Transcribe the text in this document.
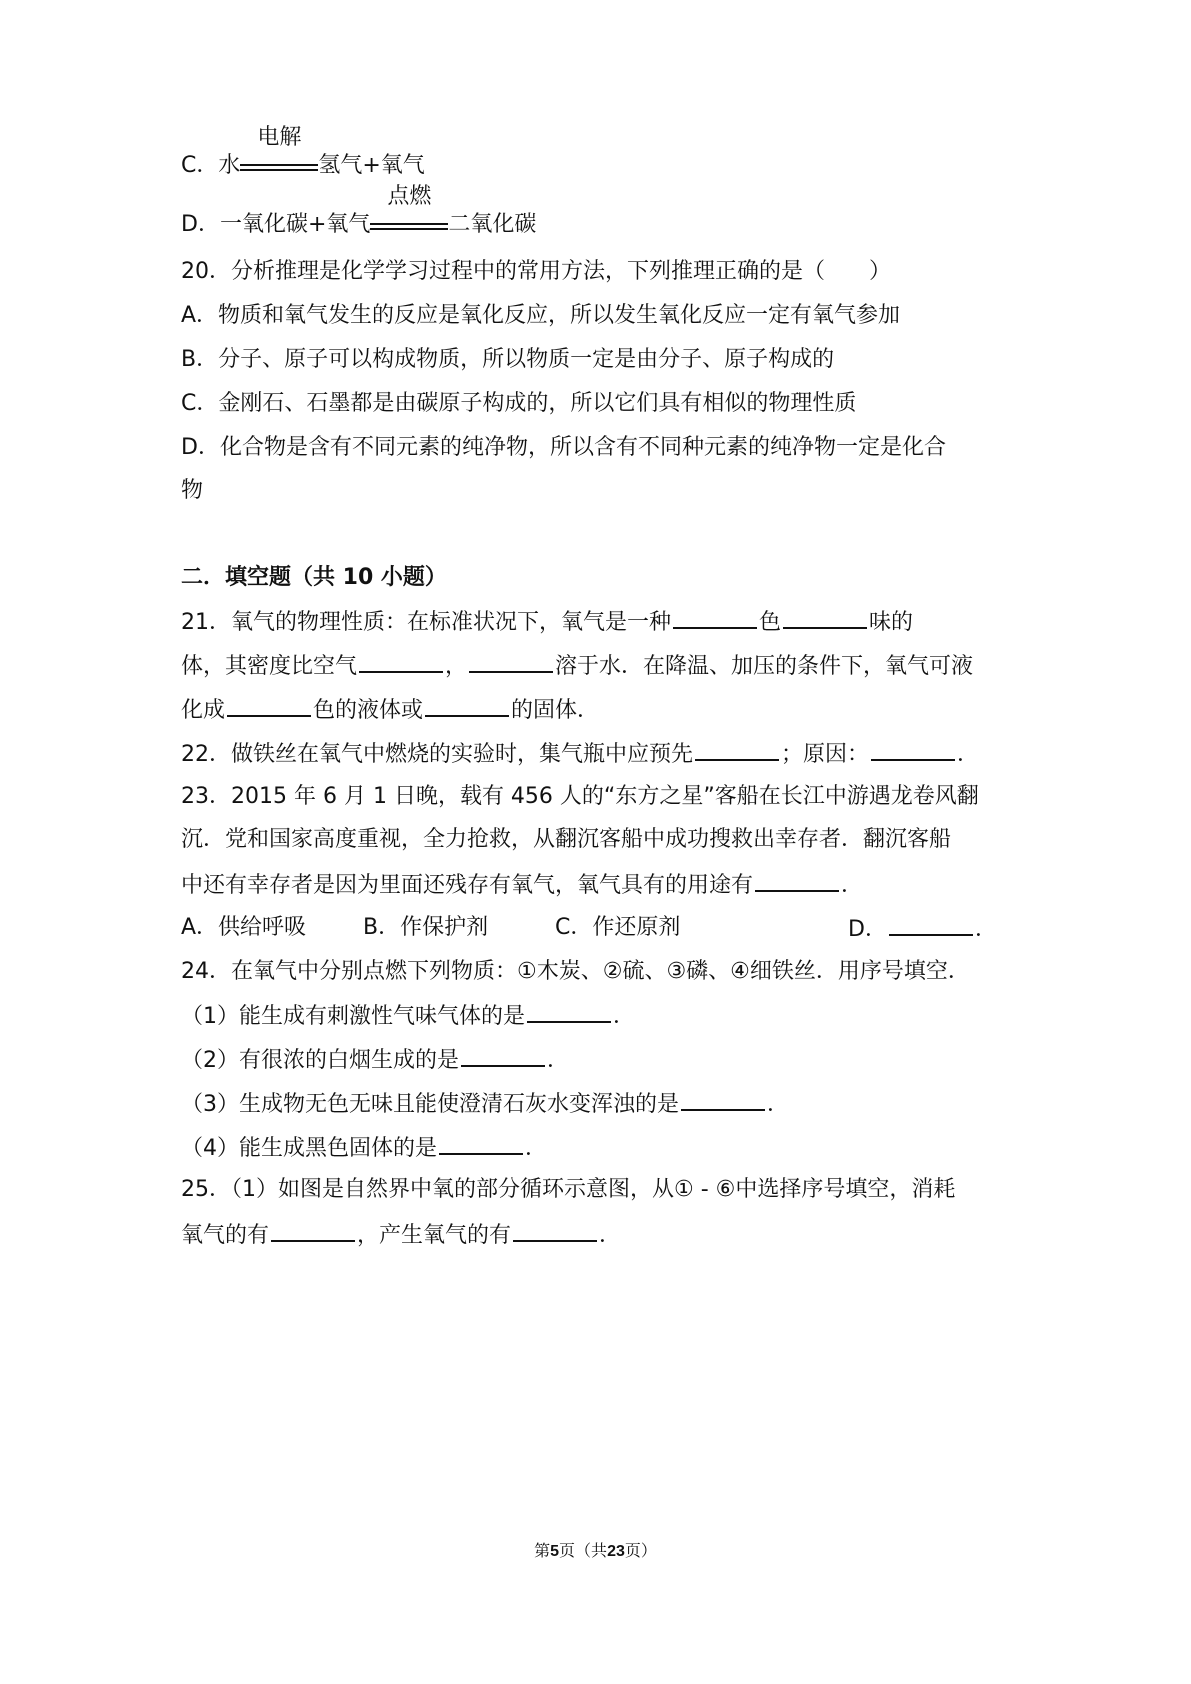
C．水
电解
氢气+氧气
D．一氧化碳+氧气
点燃
二氧化碳
20．分析推理是化学学习过程中的常用方法，下列推理正确的是（　　）
A．物质和氧气发生的反应是氧化反应，所以发生氧化反应一定有氧气参加
B．分子、原子可以构成物质，所以物质一定是由分子、原子构成的
C．金刚石、石墨都是由碳原子构成的，所以它们具有相似的物理性质
D．化合物是含有不同元素的纯净物，所以含有不同种元素的纯净物一定是化合
物
二．填空题（共 10 小题）
21．氧气的物理性质：在标准状况下，氧气是一种	色	味的
体，其密度比空气	，	溶于水．在降温、加压的条件下，氧气可液
化成	色的液体或	的固体．
22．做铁丝在氧气中燃烧的实验时，集气瓶中应预先	；原因：	．
23．2015 年 6 月 1 日晚，载有 456 人的“东方之星”客船在长江中游遇龙卷风翻
沉．党和国家高度重视，全力抢救，从翻沉客船中成功搜救出幸存者．翻沉客船
中还有幸存者是因为里面还残存有氧气，氧气具有的用途有	．
A．供给呼吸	B．作保护剂	C．作还原剂	D．	．
24．在氧气中分别点燃下列物质：①木炭、②硫、③磷、④细铁丝．用序号填空．
（1）能生成有刺激性气味气体的是	．
（2）有很浓的白烟生成的是	．
（3）生成物无色无味且能使澄清石灰水变浑浊的是	．
（4）能生成黑色固体的是	．
25．（1）如图是自然界中氧的部分循环示意图，从① - ⑥中选择序号填空，消耗
氧气的有	，产生氧气的有	．
第5页（共23页）
